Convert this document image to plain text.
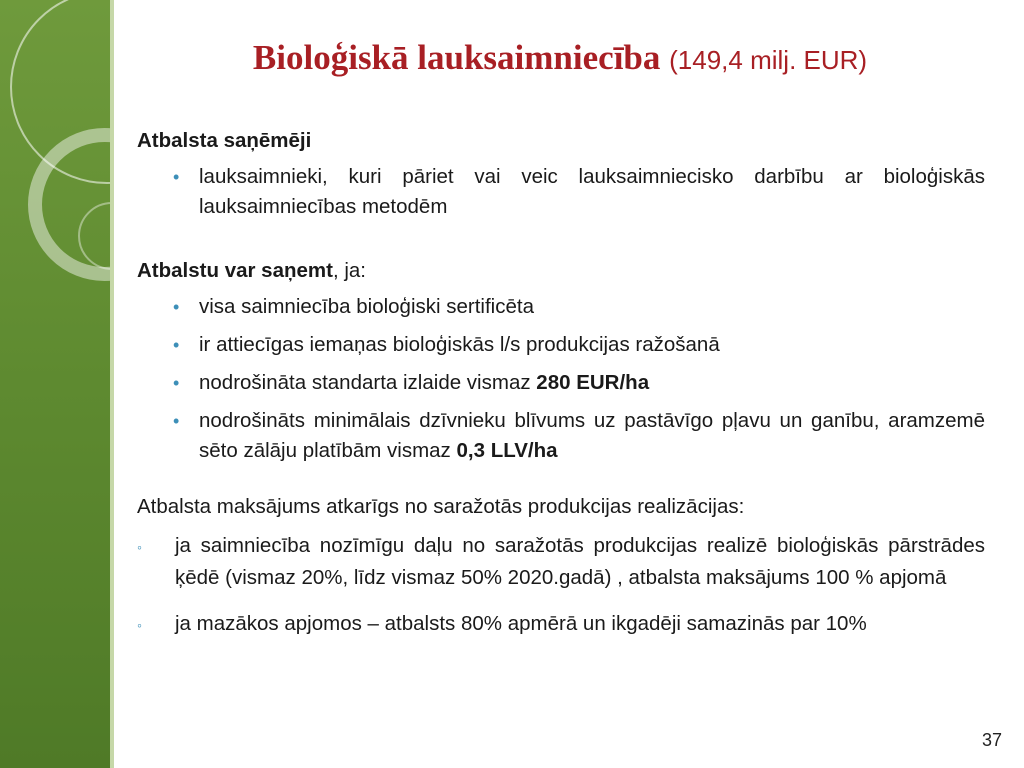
Bioloģiskā lauksaimniecība (149,4 milj. EUR)

Atbalsta saņēmēji

• lauksaimnieki, kuri pāriet vai veic lauksaimniecisko darbību ar bioloģiskās lauksaimniecības metodēm

Atbalstu var saņemt, ja:

• visa saimniecība bioloģiski sertificēta
• ir attiecīgas iemaņas bioloģiskās l/s produkcijas ražošanā
• nodrošināta standarta izlaide vismaz 280 EUR/ha
• nodrošināts minimālais dzīvnieku blīvums uz pastāvīgo pļavu un ganību, aramzemē sēto zālāju platībām vismaz 0,3 LLV/ha

Atbalsta maksājums atkarīgs no saražotās produkcijas realizācijas:

◦ ja saimniecība nozīmīgu daļu no saražotās produkcijas realizē bioloģiskās pārstrādes ķēdē (vismaz 20%, līdz vismaz 50% 2020.gadā) , atbalsta maksājums 100 % apjomā
◦ ja mazākos apjomos – atbalsts 80% apmērā un ikgadēji samazinās par 10%
37
